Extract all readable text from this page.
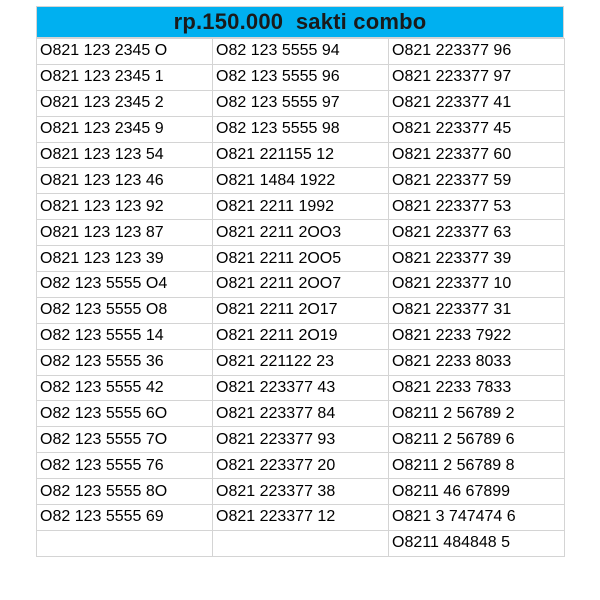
rp.150.000  sakti combo
O821 123 2345 O	O82 123 5555 94	O821 223377 96
O821 123 2345 1	O82 123 5555 96	O821 223377 97
O821 123 2345 2	O82 123 5555 97	O821 223377 41
O821 123 2345 9	O82 123 5555 98	O821 223377 45
O821 123 123 54	O821 221155 12	O821 223377 60
O821 123 123 46	O821 1484 1922	O821 223377 59
O821 123 123 92	O821 2211 1992	O821 223377 53
O821 123 123 87	O821 2211 2OO3	O821 223377 63
O821 123 123 39	O821 2211 2OO5	O821 223377 39
O82 123 5555 O4	O821 2211 2OO7	O821 223377 10
O82 123 5555 O8	O821 2211 2O17	O821 223377 31
O82 123 5555 14	O821 2211 2O19	O821 2233 7922
O82 123 5555 36	O821 221122 23	O821 2233 8033
O82 123 5555 42	O821 223377 43	O821 2233 7833
O82 123 5555 6O	O821 223377 84	O8211 2 56789 2
O82 123 5555 7O	O821 223377 93	O8211 2 56789 6
O82 123 5555 76	O821 223377 20	O8211 2 56789 8
O82 123 5555 8O	O821 223377 38	O8211 46 67899
O82 123 5555 69	O821 223377 12	O821 3 747474 6
		O8211 484848 5
